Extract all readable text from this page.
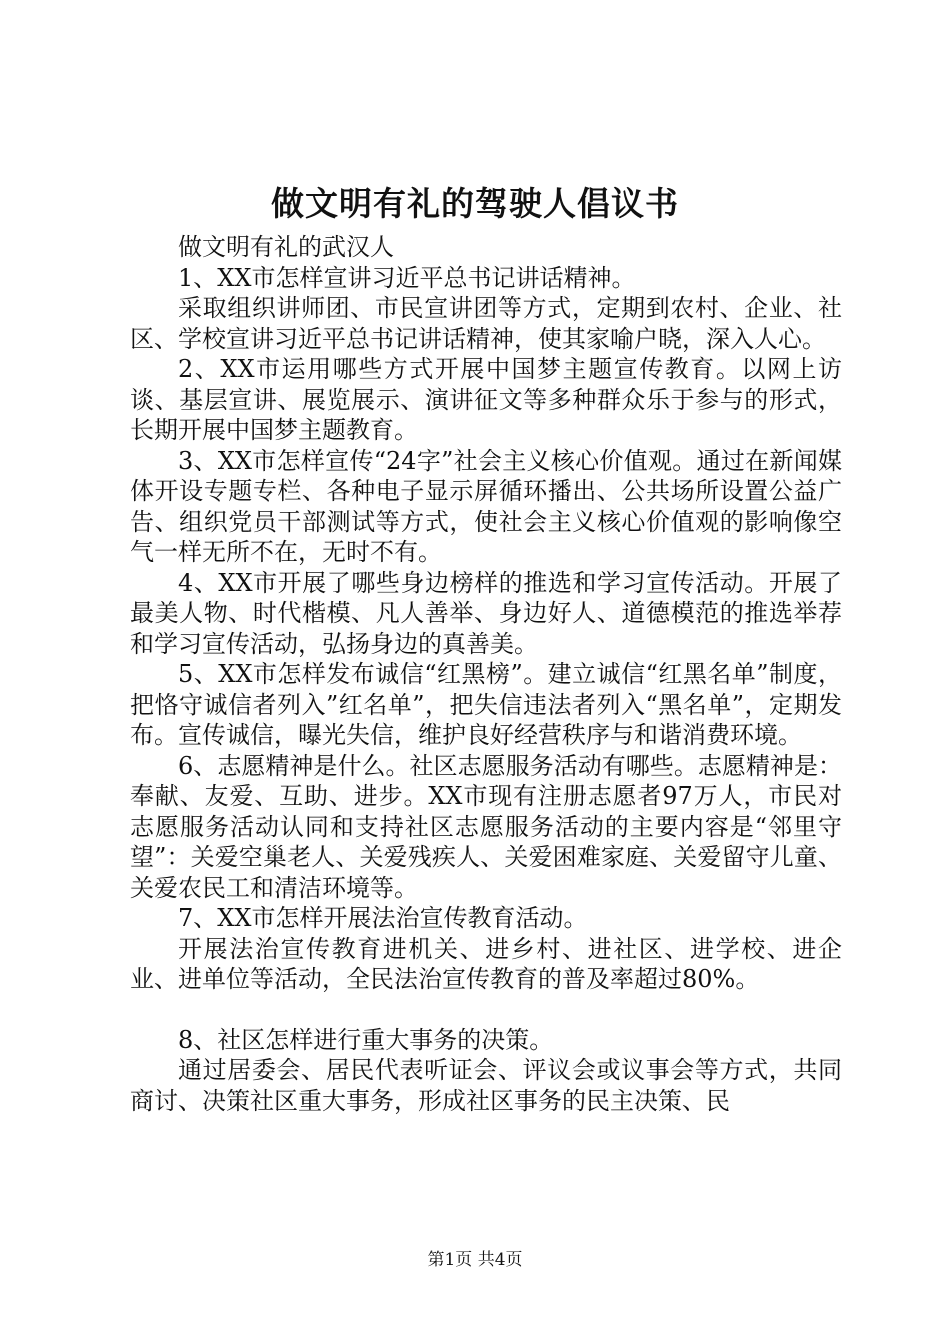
做文明有礼的驾驶人倡议书

做文明有礼的武汉人

1、XX市怎样宣讲习近平总书记讲话精神。

采取组织讲师团、市民宣讲团等方式，定期到农村、企业、社区、学校宣讲习近平总书记讲话精神，使其家喻户晓，深入人心。

2、XX市运用哪些方式开展中国梦主题宣传教育。以网上访谈、基层宣讲、展览展示、演讲征文等多种群众乐于参与的形式，长期开展中国梦主题教育。

3、XX市怎样宣传“24字”社会主义核心价值观。通过在新闻媒体开设专题专栏、各种电子显示屏循环播出、公共场所设置公益广告、组织党员干部测试等方式，使社会主义核心价值观的影响像空气一样无所不在，无时不有。

4、XX市开展了哪些身边榜样的推选和学习宣传活动。开展了最美人物、时代楷模、凡人善举、身边好人、道德模范的推选举荐和学习宣传活动，弘扬身边的真善美。

5、XX市怎样发布诚信“红黑榜”。建立诚信“红黑名单”制度，把恪守诚信者列入”红名单”，把失信违法者列入“黑名单”，定期发布。宣传诚信，曝光失信，维护良好经营秩序与和谐消费环境。

6、志愿精神是什么。社区志愿服务活动有哪些。志愿精神是：奉献、友爱、互助、进步。XX市现有注册志愿者97万人，市民对志愿服务活动认同和支持社区志愿服务活动的主要内容是“邻里守望”：关爱空巢老人、关爱残疾人、关爱困难家庭、关爱留守儿童、关爱农民工和清洁环境等。

7、XX市怎样开展法治宣传教育活动。

开展法治宣传教育进机关、进乡村、进社区、进学校、进企业、进单位等活动，全民法治宣传教育的普及率超过80%。

8、社区怎样进行重大事务的决策。

通过居委会、居民代表听证会、评议会或议事会等方式，共同商讨、决策社区重大事务，形成社区事务的民主决策、民

第1页 共4页
